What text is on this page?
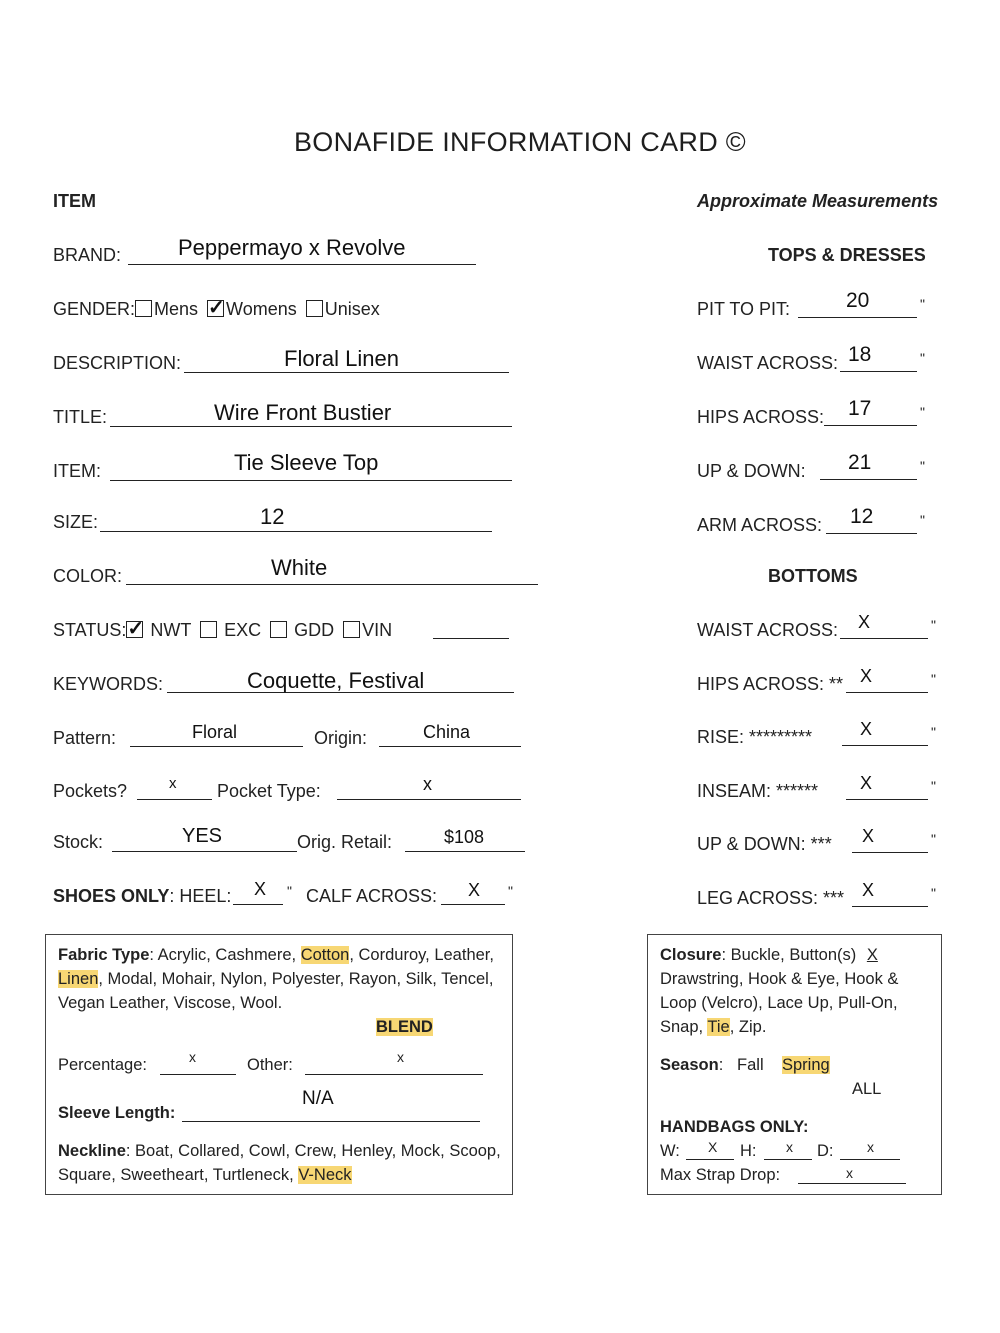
BONAFIDE INFORMATION CARD ©
ITEM	Approximate Measurements
BRAND:	Peppermayo x Revolve
GENDER: Mens ✓ Womens Unisex
DESCRIPTION:	Floral Linen
TITLE:	Wire Front Bustier
ITEM:	Tie Sleeve Top
SIZE:	12
COLOR:	White
STATUS: ✓ NWT EXC GDD VIN
KEYWORDS:	Coquette, Festival
Pattern:	Floral	Origin:	China
Pockets?	x Pocket Type:	x
Stock:	YES	Orig. Retail:	$108
SHOES ONLY: HEEL: X " CALF ACROSS: X "
TOPS & DRESSES
PIT TO PIT:	20	"
WAIST ACROSS: 18	"
HIPS ACROSS: 17	"
UP & DOWN: 21	"
ARM ACROSS: 12	"
BOTTOMS
WAIST ACROSS: X	"
HIPS ACROSS: ** X	"
RISE: *********	X	"
INSEAM: ****** X	"
UP & DOWN: *** X	"
LEG ACROSS: *** X	"
Fabric Type: Acrylic, Cashmere, Cotton, Corduroy, Leather, Linen, Modal, Mohair, Nylon, Polyester, Rayon, Silk, Tencel, Vegan Leather, Viscose, Wool.
BLEND
Percentage:	x	Other:	x
Sleeve Length:
N/A
Neckline: Boat, Collared, Cowl, Crew, Henley, Mock, Scoop, Square, Sweetheart, Turtleneck, V-Neck
Closure: Buckle, Button(s) X Drawstring, Hook & Eye, Hook & Loop (Velcro), Lace Up, Pull-On, Snap, Tie, Zip.
Season:   Fall Spring
ALL
HANDBAGS ONLY:
W: X H: x D: x
Max Strap Drop:	x
